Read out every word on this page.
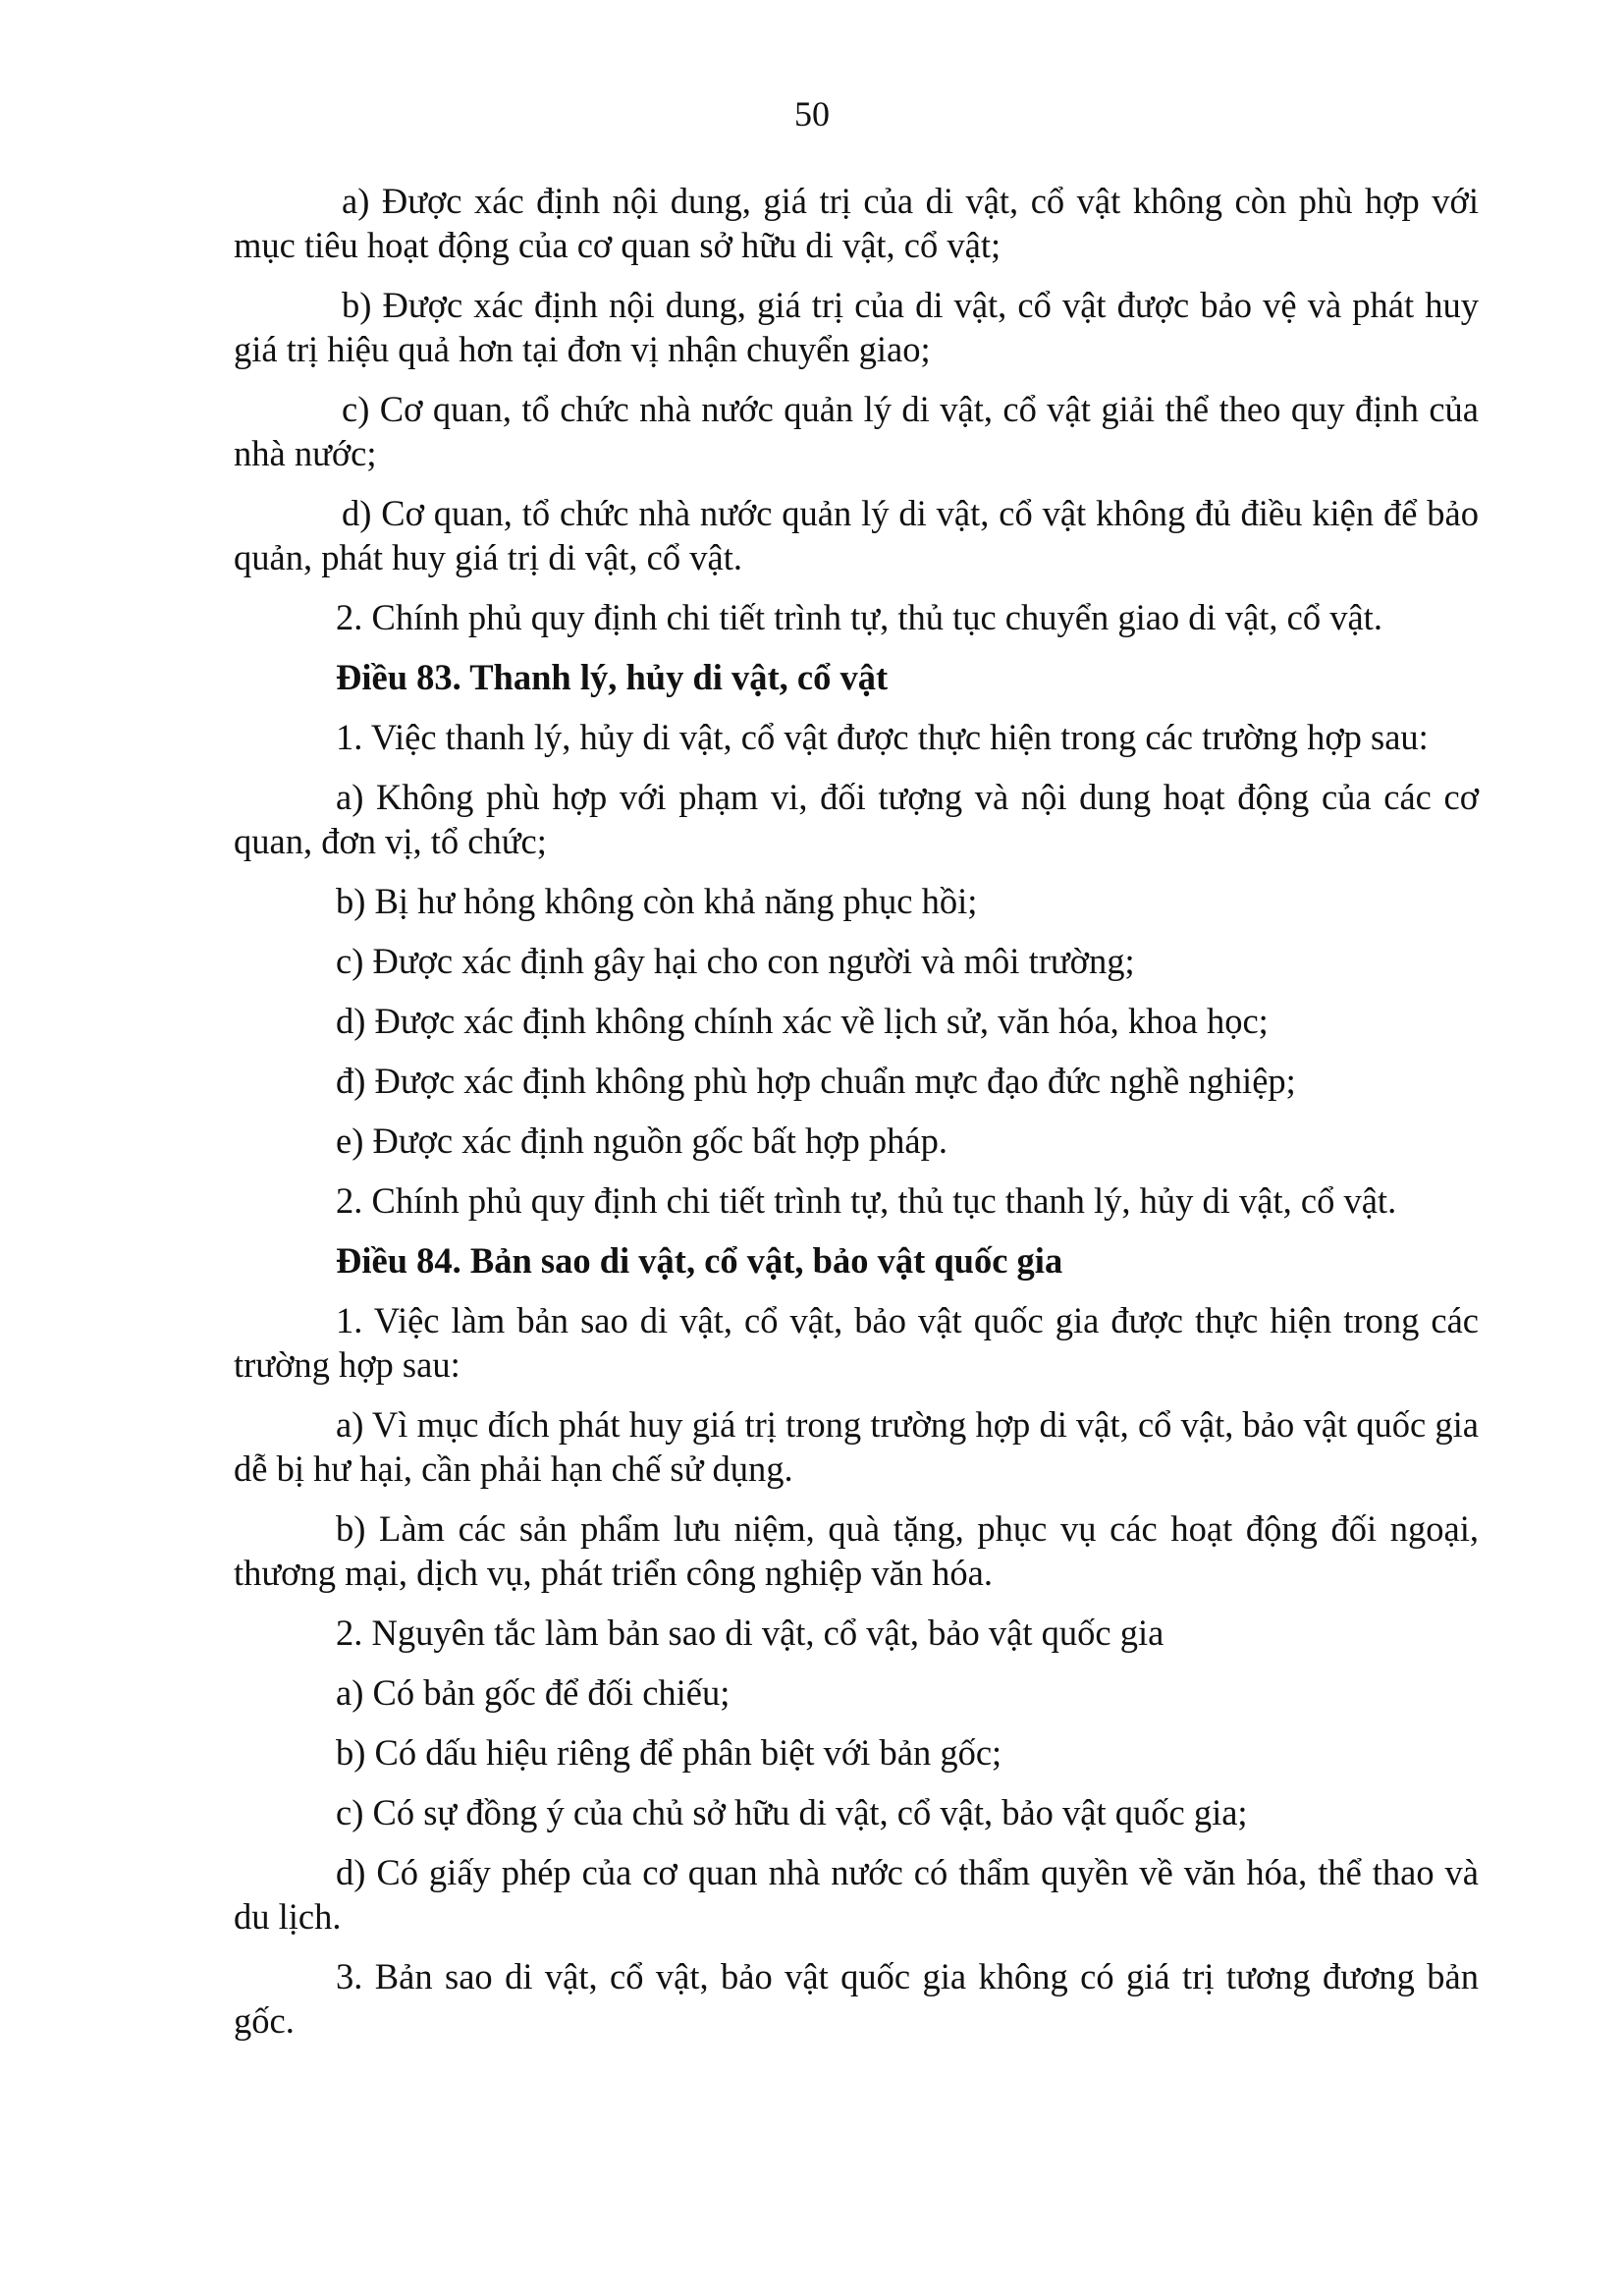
50

a) Được xác định nội dung, giá trị của di vật, cổ vật không còn phù hợp với mục tiêu hoạt động của cơ quan sở hữu di vật, cổ vật;

b) Được xác định nội dung, giá trị của di vật, cổ vật được bảo vệ và phát huy giá trị hiệu quả hơn tại đơn vị nhận chuyển giao;

c) Cơ quan, tổ chức nhà nước quản lý di vật, cổ vật giải thể theo quy định của nhà nước;

d) Cơ quan, tổ chức nhà nước quản lý di vật, cổ vật không đủ điều kiện để bảo quản, phát huy giá trị di vật, cổ vật.

2. Chính phủ quy định chi tiết trình tự, thủ tục chuyển giao di vật, cổ vật.

Điều 83. Thanh lý, hủy di vật, cổ vật

1. Việc thanh lý, hủy di vật, cổ vật được thực hiện trong các trường hợp sau:

a) Không phù hợp với phạm vi, đối tượng và nội dung hoạt động của các cơ quan, đơn vị, tổ chức;

b) Bị hư hỏng không còn khả năng phục hồi;

c) Được xác định gây hại cho con người và môi trường;

d) Được xác định không chính xác về lịch sử, văn hóa, khoa học;

đ) Được xác định không phù hợp chuẩn mực đạo đức nghề nghiệp;

e) Được xác định nguồn gốc bất hợp pháp.

2. Chính phủ quy định chi tiết trình tự, thủ tục thanh lý, hủy di vật, cổ vật.

Điều 84. Bản sao di vật, cổ vật, bảo vật quốc gia

1. Việc làm bản sao di vật, cổ vật, bảo vật quốc gia được thực hiện trong các trường hợp sau:

a) Vì mục đích phát huy giá trị trong trường hợp di vật, cổ vật, bảo vật quốc gia dễ bị hư hại, cần phải hạn chế sử dụng.

b) Làm các sản phẩm lưu niệm, quà tặng, phục vụ các hoạt động đối ngoại, thương mại, dịch vụ, phát triển công nghiệp văn hóa.

2. Nguyên tắc làm bản sao di vật, cổ vật, bảo vật quốc gia

a) Có bản gốc để đối chiếu;

b) Có dấu hiệu riêng để phân biệt với bản gốc;

c) Có sự đồng ý của chủ sở hữu di vật, cổ vật, bảo vật quốc gia;

d) Có giấy phép của cơ quan nhà nước có thẩm quyền về văn hóa, thể thao và du lịch.

3. Bản sao di vật, cổ vật, bảo vật quốc gia không có giá trị tương đương bản gốc.
